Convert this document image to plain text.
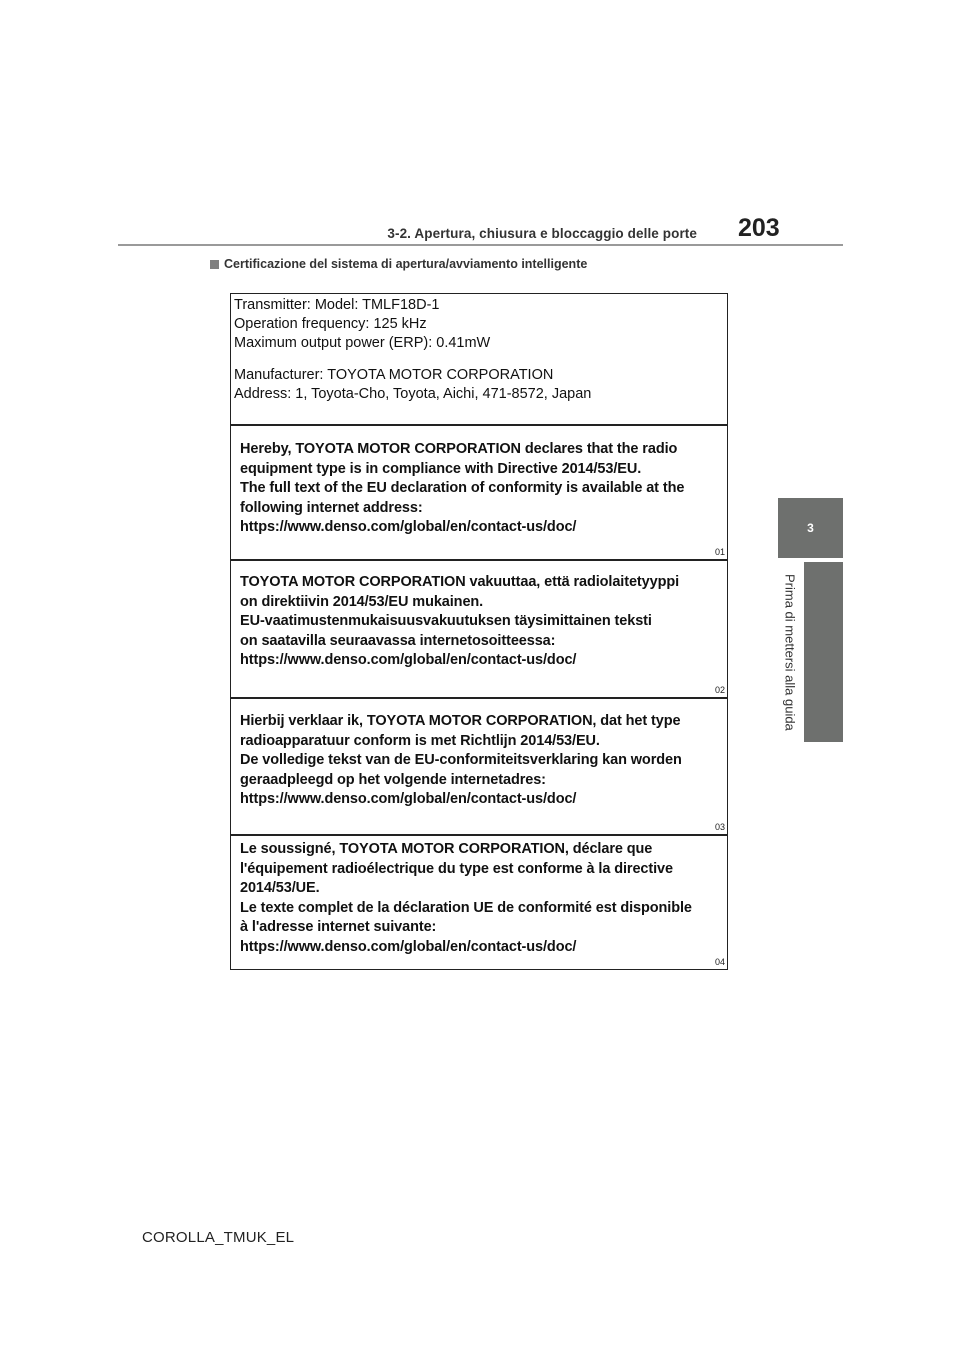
3-2. Apertura, chiusura e bloccaggio delle porte 203
Certificazione del sistema di apertura/avviamento intelligente
3
Prima di mettersi alla guida
Transmitter: Model: TMLF18D-1
Operation frequency: 125 kHz
Maximum output power (ERP): 0.41mW
Manufacturer: TOYOTA MOTOR CORPORATION
Address: 1, Toyota-Cho, Toyota, Aichi, 471-8572, Japan
Hereby, TOYOTA MOTOR CORPORATION declares that the radio
equipment type is in compliance with Directive 2014/53/EU.
The full text of the EU declaration of conformity is available at the
following internet address:
https://www.denso.com/global/en/contact-us/doc/
01
TOYOTA MOTOR CORPORATION vakuuttaa, että radiolaitetyyppi
on direktiivin 2014/53/EU mukainen.
EU-vaatimustenmukaisuusvakuutuksen täysimittainen teksti
on saatavilla seuraavassa internetosoitteessa:
https://www.denso.com/global/en/contact-us/doc/
02
Hierbij verklaar ik, TOYOTA MOTOR CORPORATION, dat het type
radioapparatuur conform is met Richtlijn 2014/53/EU.
De volledige tekst van de EU-conformiteitsverklaring kan worden
geraadpleegd op het volgende internetadres:
https://www.denso.com/global/en/contact-us/doc/
03
Le soussigné, TOYOTA MOTOR CORPORATION, déclare que
l'équipement radioélectrique du type est conforme à la directive
2014/53/UE.
Le texte complet de la déclaration UE de conformité est disponible
à l'adresse internet suivante:
https://www.denso.com/global/en/contact-us/doc/
04
COROLLA_TMUK_EL
